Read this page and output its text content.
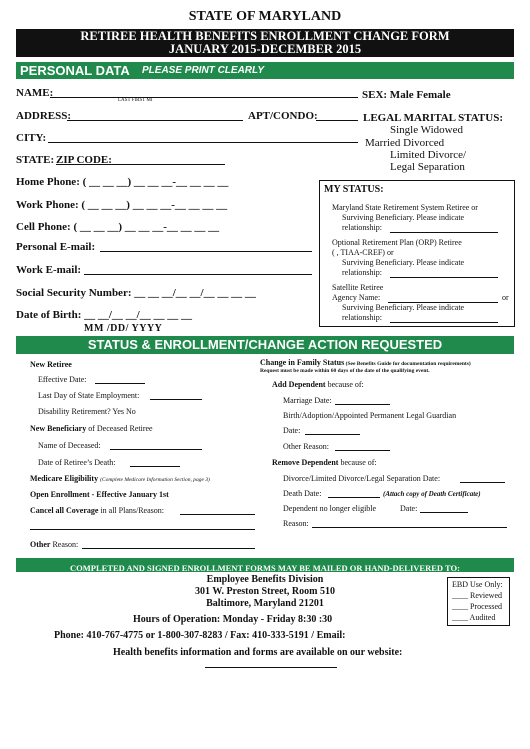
STATE OF MARYLAND
RETIREE HEALTH BENEFITS ENROLLMENT CHANGE FORM
JANUARY 2015-DECEMBER 2015
PERSONAL DATA PLEASE PRINT CLEARLY
NAME:
LAST FIRST MI	SEX: Male Female
ADDRESS:	APT/CONDO:	LEGAL MARITAL STATUS:
Single Widowed
Married Divorced
Limited Divorce/
Legal Separation
CITY:
STATE: ZIP CODE:
Home Phone: ( __ __ __) __ __ __-__ __ __ __
Work Phone: ( __ __ __) __ __ __-__ __ __ __
Cell Phone: ( __ __ __) __ __ __-__ __ __ __
Personal E-mail:
Work E-mail:
Social Security Number: __ __ __/__ __/__ __ __ __
Date of Birth: __ __/__ __/__ __ __ __
MM /DD/ YYYY
MY STATUS:
Maryland State Retirement System Retiree or
Surviving Beneficiary. Please indicate
relationship:
Optional Retirement Plan (ORP) Retiree
( , TIAA-CREF) or
Surviving Beneficiary. Please indicate
relationship:
Satellite Retiree
Agency Name:	or
Surviving Beneficiary. Please indicate
relationship:
STATUS & ENROLLMENT/CHANGE ACTION REQUESTED
New Retiree
Effective Date:
Last Day of State Employment:
Disability Retirement? Yes No
New Beneficiary of Deceased Retiree
Name of Deceased:
Date of Retiree’s Death:
Medicare Eligibility (Complete Medicare Information Section, page 3)
Open Enrollment - Effective January 1st
Cancel all Coverage in all Plans/Reason:
Other Reason:
Change in Family Status (See Benefits Guide for documentation requirements)
Request must be made within 60 days of the date of the qualifying event.
Add Dependent because of:
Marriage Date:
Birth/Adoption/Appointed Permanent Legal Guardian
Date:
Other Reason:
Remove Dependent because of:
Divorce/Limited Divorce/Legal Separation Date:
Death Date:	(Attach copy of Death Certificate)
Dependent no longer eligible	Date:
Reason:
COMPLETED AND SIGNED ENROLLMENT FORMS MAY BE MAILED OR HAND-DELIVERED TO:
Employee Benefits Division
301 W. Preston Street, Room 510
Baltimore, Maryland 21201
Hours of Operation: Monday - Friday 8:30 :30
Phone: 410-767-4775 or 1-800-307-8283 / Fax: 410-333-5191 / Email:
Health benefits information and forms are available on our website:
EBD Use Only:
____ Reviewed
____ Processed
____ Audited
